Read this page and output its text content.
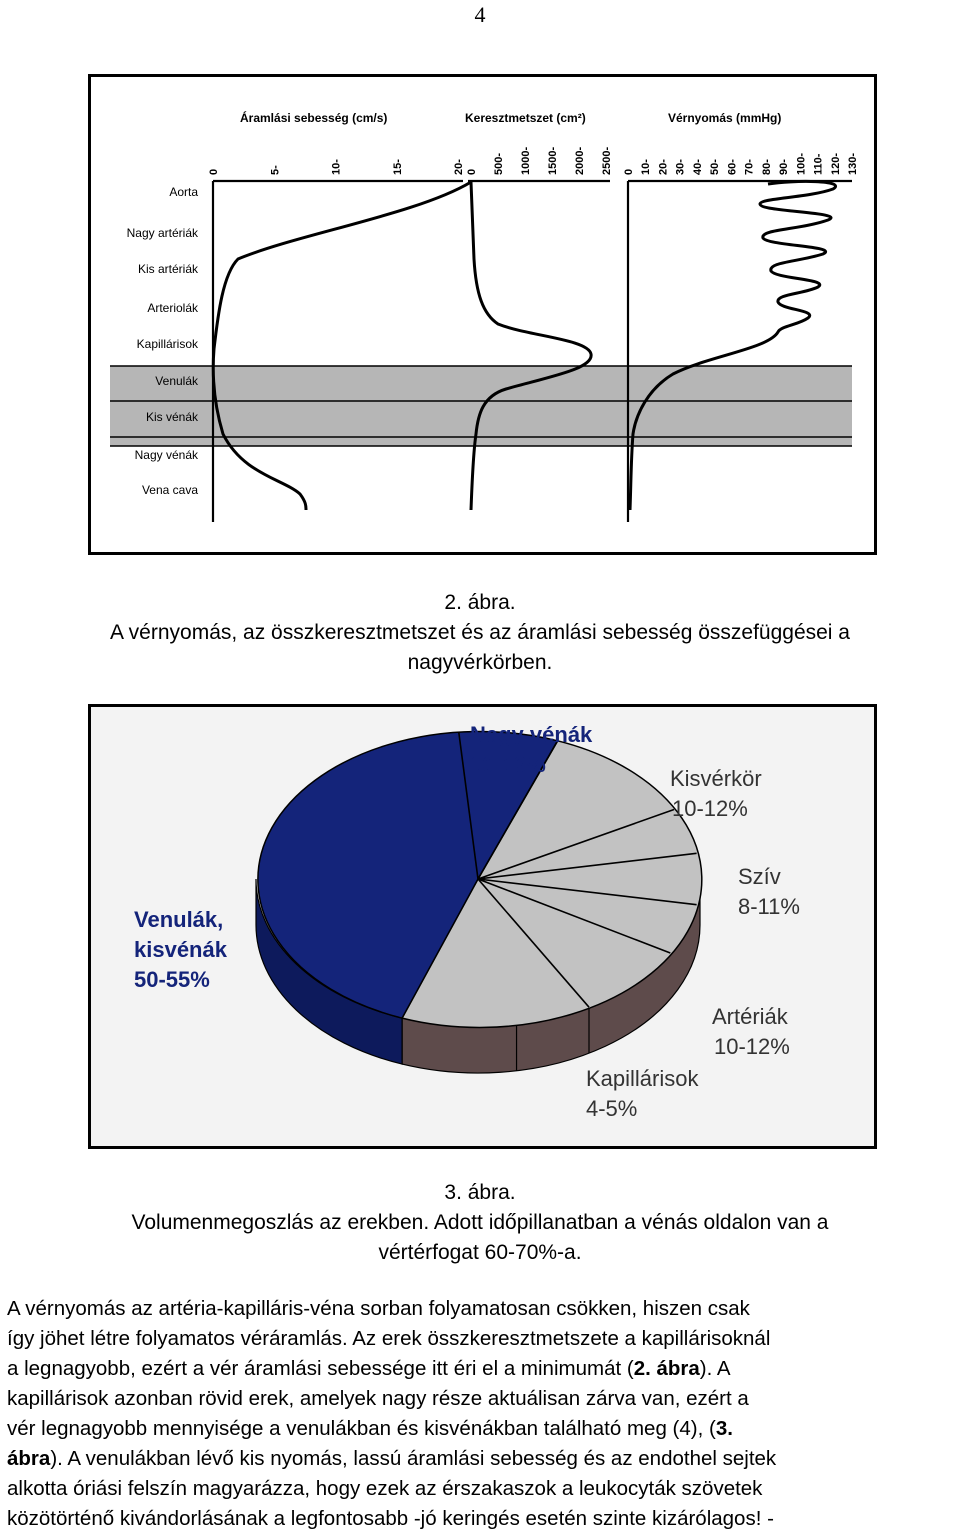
4
Áramlási sebesség (cm/s)	Keresztmetszet (cm²)	Vérnyomás (mmHg)
0	5-	10-	15-	20- 0 500- 1000- 1500- 2000- 2500- 0 10- 20- 30- 40- 50- 60- 70- 80- 90- 100- 110- 120- 130-
Aorta
Nagy artériák
Kis artériák
Arteriolák
Kapillárisok
Venulák
Kis vénák
Nagy vénák
Vena cava
2. ábra.
A vérnyomás, az összkeresztmetszet és az áramlási sebesség összefüggései a
nagyvérkörben.
Nagy vénák
10-13%
Kisvérkör
10-12%
Szív
8-11%
Venulák,
kisvénák
50-55%
Artériák
10-12%
Kapillárisok
4-5%
3. ábra.
Volumenmegoszlás az erekben. Adott időpillanatban a vénás oldalon van a
vértérfogat 60-70%-a.
A vérnyomás az artéria-kapilláris-véna sorban folyamatosan csökken, hiszen csak
így jöhet létre folyamatos véráramlás. Az erek összkeresztmetszete a kapillárisoknál
a legnagyobb, ezért a vér áramlási sebessége itt éri el a minimumát (2. ábra). A
kapillárisok azonban rövid erek, amelyek nagy része aktuálisan zárva van, ezért a
vér legnagyobb mennyisége a venulákban és kisvénákban található meg (4), (3.
ábra). A venulákban lévő kis nyomás, lassú áramlási sebesség és az endothel sejtek
alkotta óriási felszín magyarázza, hogy ezek az érszakaszok a leukocyták szövetek
közötörténő kivándorlásának a legfontosabb -jó keringés esetén szinte kizárólagos! -
